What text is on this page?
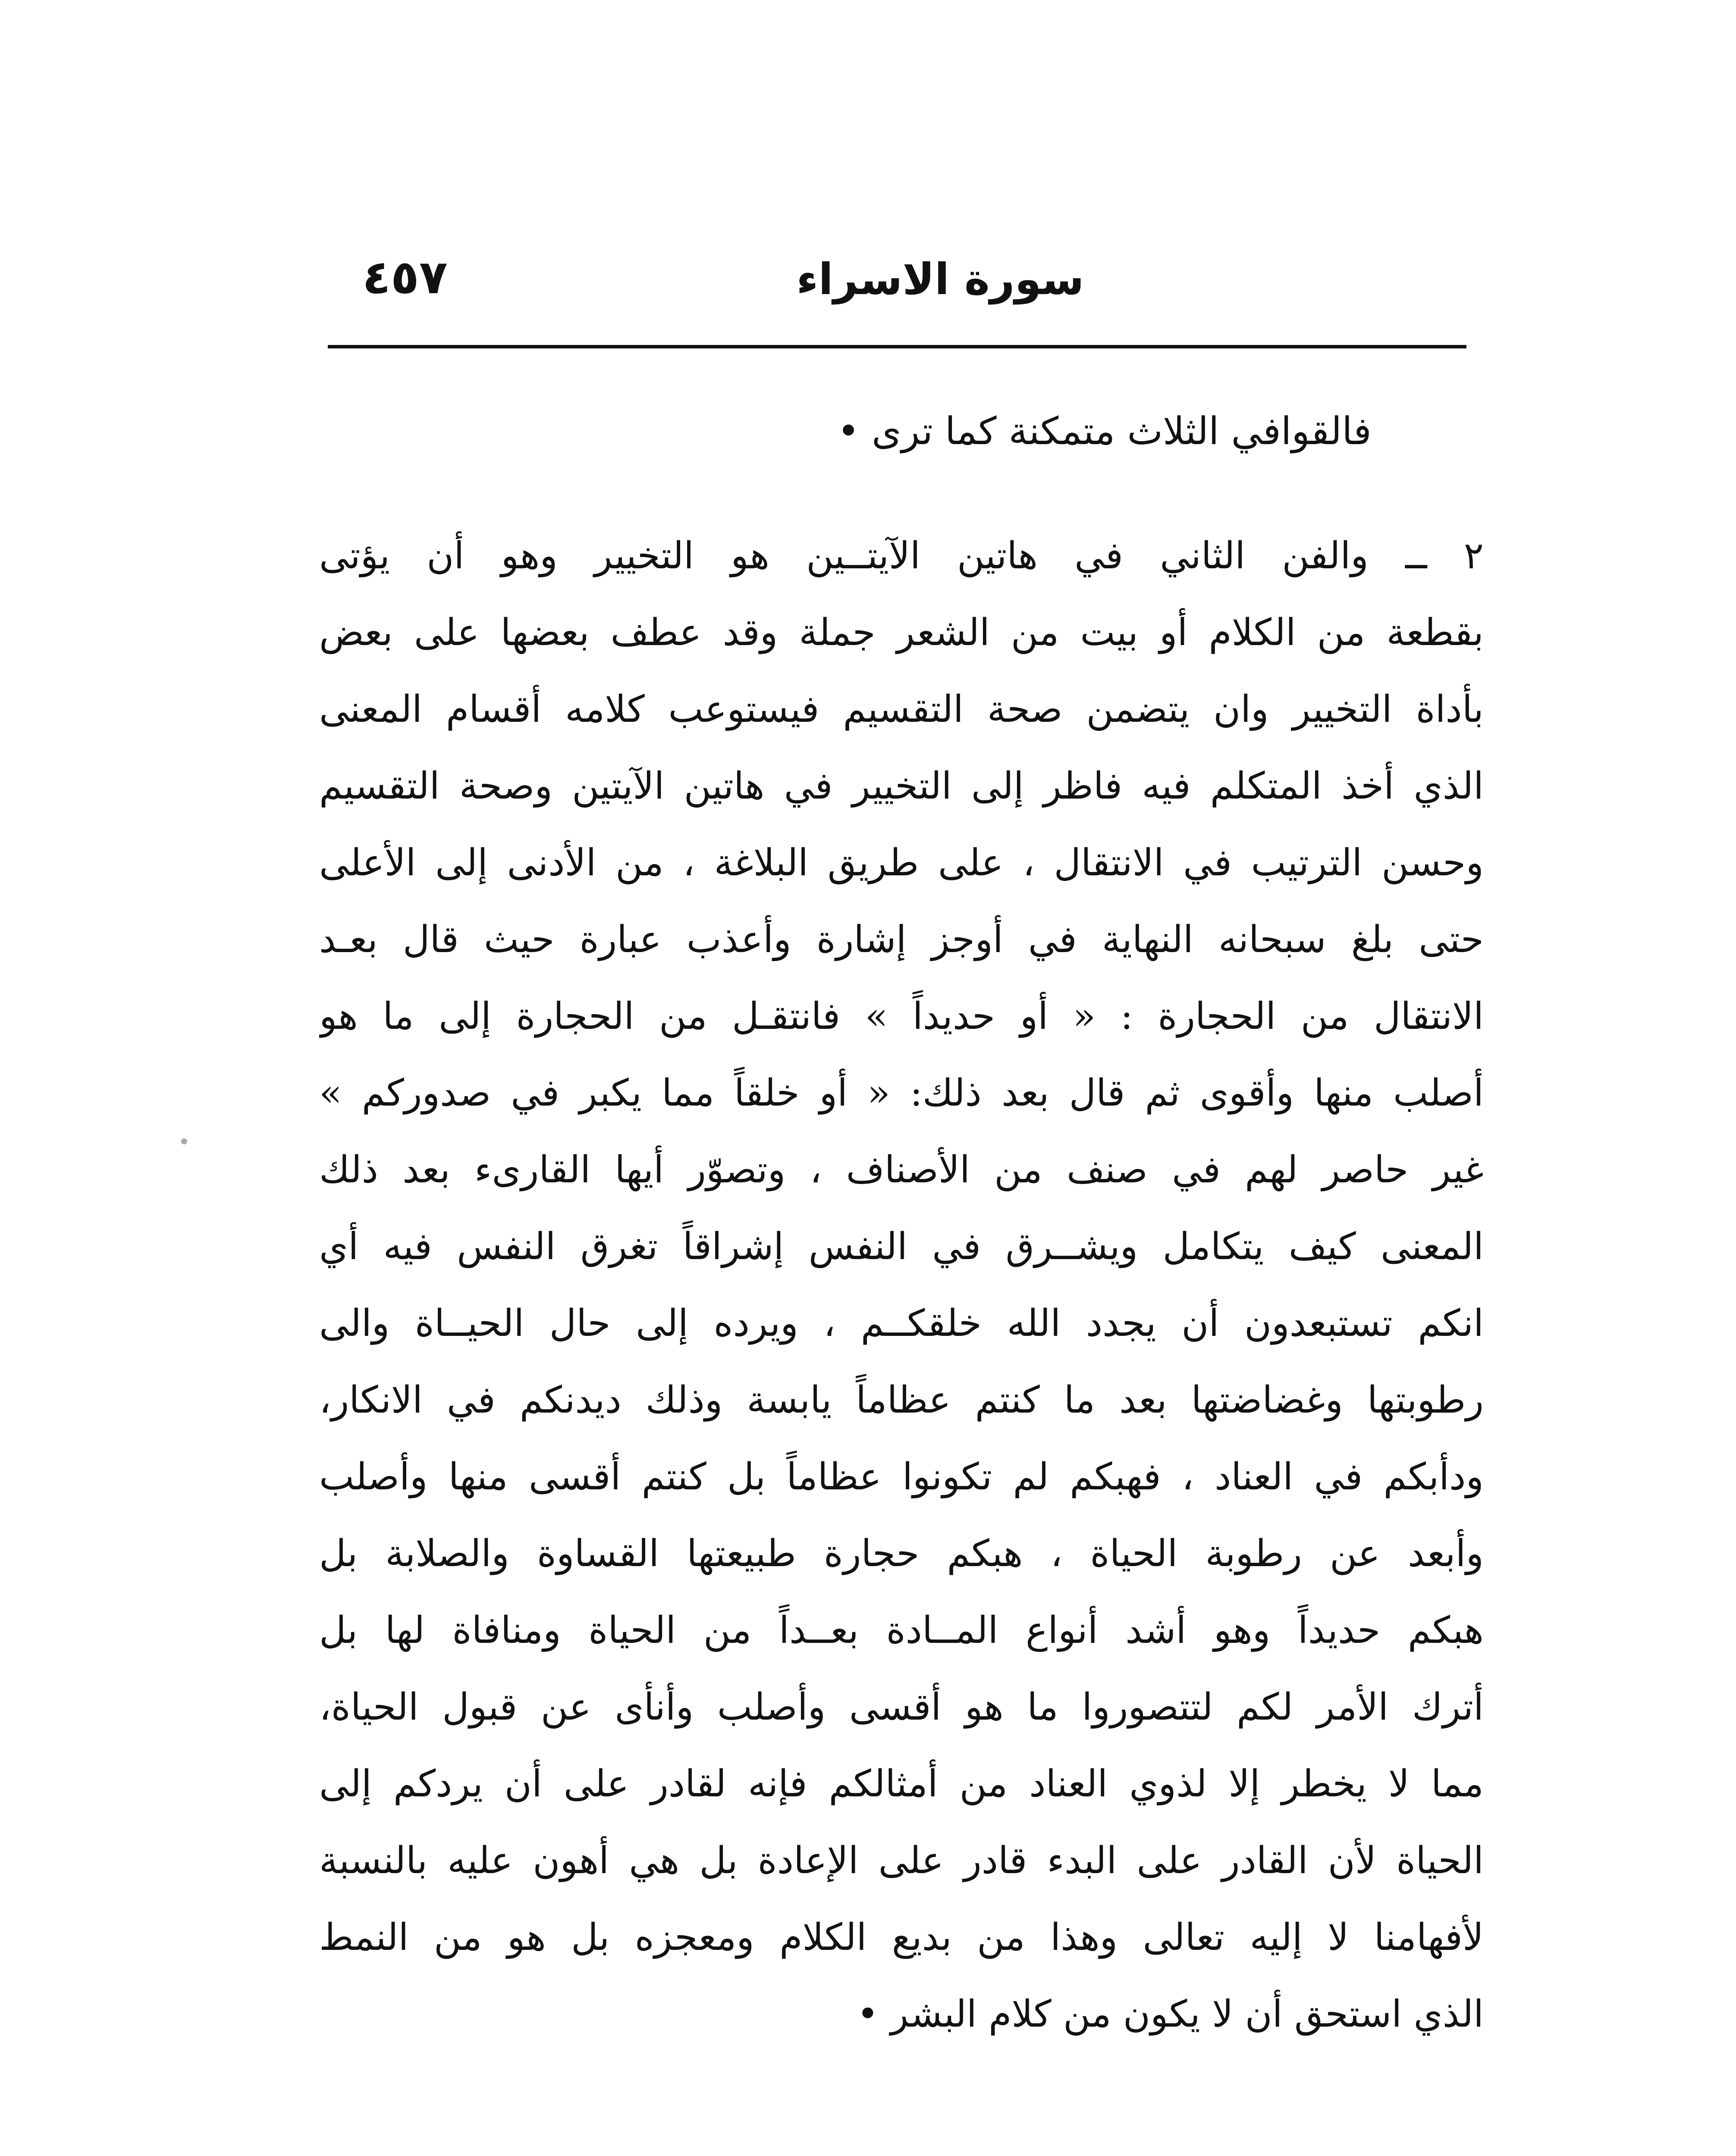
٤٥٧	سورة الاسراء
فالقوافي الثلاث متمكنة كما ترى •
٢ ــ والفن الثاني في هاتين الآيتــين هو التخيير وهو أن يؤتى
بقطعة من الكلام أو بيت من الشعر جملة وقد عطف بعضها على بعض
بأداة التخيير وان يتضمن صحة التقسيم فيستوعب كلامه أقسام المعنى
الذي أخذ المتكلم فيه فاظر إلى التخيير في هاتين الآيتين وصحة التقسيم
وحسن الترتيب في الانتقال ، على طريق البلاغة ، من الأدنى إلى الأعلى
حتى بلغ سبحانه النهاية في أوجز إشارة وأعذب عبارة حيث قال بعـد
الانتقال من الحجارة : « أو حديداً » فانتقـل من الحجارة إلى ما هو
أصلب منها وأقوى ثم قال بعد ذلك: « أو خلقاً مما يكبر في صدوركم »
غير حاصر لهم في صنف من الأصناف ، وتصوّر أيها القارىء بعد ذلك
المعنى كيف يتكامل ويشــرق في النفس إشراقاً تغرق النفس فيه أي
انكم تستبعدون أن يجدد الله خلقكــم ، ويرده إلى حال الحيــاة والى
رطوبتها وغضاضتها بعد ما كنتم عظاماً يابسة وذلك ديدنكم في الانكار،
ودأبكم في العناد ، فهبكم لم تكونوا عظاماً بل كنتم أقسى منها وأصلب
وأبعد عن رطوبة الحياة ، هبكم حجارة طبيعتها القساوة والصلابة بل
هبكم حديداً وهو أشد أنواع المــادة بعــداً من الحياة ومنافاة لها بل
أترك الأمر لكم لتتصوروا ما هو أقسى وأصلب وأنأى عن قبول الحياة،
مما لا يخطر إلا لذوي العناد من أمثالكم فإنه لقادر على أن يردكم إلى
الحياة لأن القادر على البدء قادر على الإعادة بل هي أهون عليه بالنسبة
لأفهامنا لا إليه تعالى وهذا من بديع الكلام ومعجزه بل هو من النمط
الذي استحق أن لا يكون من كلام البشر •
